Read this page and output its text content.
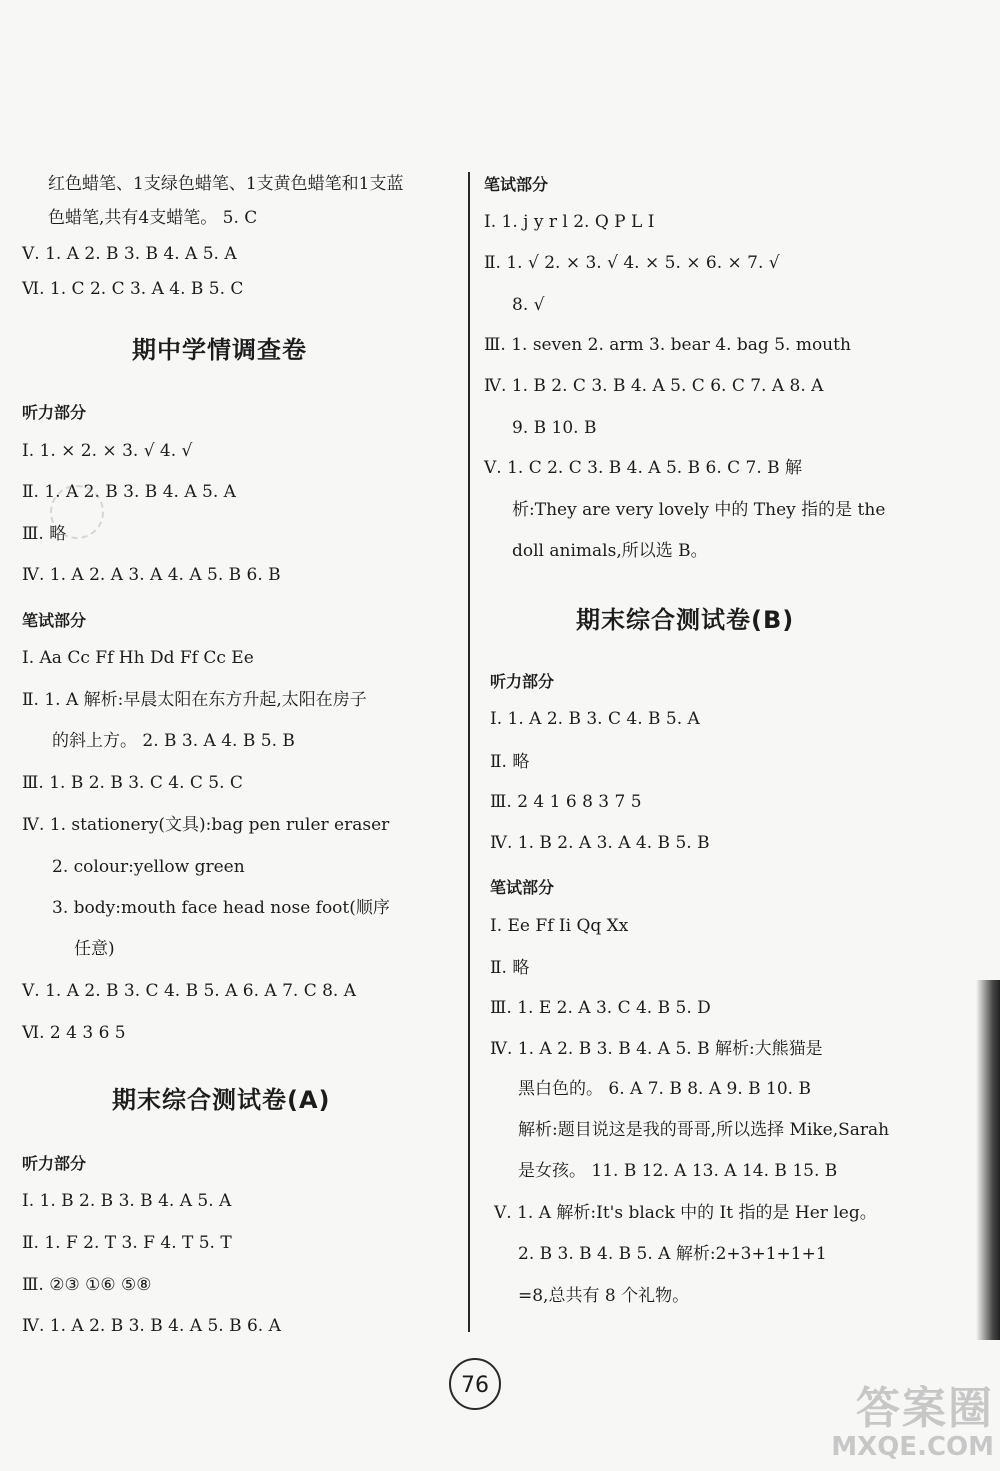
红色蜡笔、1支绿色蜡笔、1支黄色蜡笔和1支蓝
色蜡笔,共有4支蜡笔。 5. C
Ⅴ. 1. A 2. B 3. B 4. A 5. A
Ⅵ. 1. C 2. C 3. A 4. B 5. C
期中学情调查卷
听力部分
Ⅰ. 1. × 2. × 3. √ 4. √
Ⅱ. 1. A 2. B 3. B 4. A 5. A
Ⅲ. 略
Ⅳ. 1. A 2. A 3. A 4. A 5. B 6. B
笔试部分
Ⅰ. Aa Cc Ff Hh Dd Ff Cc Ee
Ⅱ. 1. A 解析:早晨太阳在东方升起,太阳在房子
的斜上方。 2. B 3. A 4. B 5. B
Ⅲ. 1. B 2. B 3. C 4. C 5. C
Ⅳ. 1. stationery(文具):bag pen ruler eraser
2. colour:yellow green
3. body:mouth face head nose foot(顺序
任意)
Ⅴ. 1. A 2. B 3. C 4. B 5. A 6. A 7. C 8. A
Ⅵ. 2 4 3 6 5
期末综合测试卷(A)
听力部分
Ⅰ. 1. B 2. B 3. B 4. A 5. A
Ⅱ. 1. F 2. T 3. F 4. T 5. T
Ⅲ. ②③ ①⑥ ⑤⑧
Ⅳ. 1. A 2. B 3. B 4. A 5. B 6. A
笔试部分
Ⅰ. 1. j y r l 2. Q P L I
Ⅱ. 1. √ 2. × 3. √ 4. × 5. × 6. × 7. √
8. √
Ⅲ. 1. seven 2. arm 3. bear 4. bag 5. mouth
Ⅳ. 1. B 2. C 3. B 4. A 5. C 6. C 7. A 8. A
9. B 10. B
Ⅴ. 1. C 2. C 3. B 4. A 5. B 6. C 7. B 解
析:They are very lovely 中的 They 指的是 the
doll animals,所以选 B。
期末综合测试卷(B)
听力部分
Ⅰ. 1. A 2. B 3. C 4. B 5. A
Ⅱ. 略
Ⅲ. 2 4 1 6 8 3 7 5
Ⅳ. 1. B 2. A 3. A 4. B 5. B
笔试部分
Ⅰ. Ee Ff Ii Qq Xx
Ⅱ. 略
Ⅲ. 1. E 2. A 3. C 4. B 5. D
Ⅳ. 1. A 2. B 3. B 4. A 5. B 解析:大熊猫是
黑白色的。 6. A 7. B 8. A 9. B 10. B
解析:题目说这是我的哥哥,所以选择 Mike,Sarah
是女孩。 11. B 12. A 13. A 14. B 15. B
Ⅴ. 1. A 解析:It's black 中的 It 指的是 Her leg。
2. B 3. B 4. B 5. A 解析:2+3+1+1+1
=8,总共有 8 个礼物。
76	答案圈
MXQE.COM
